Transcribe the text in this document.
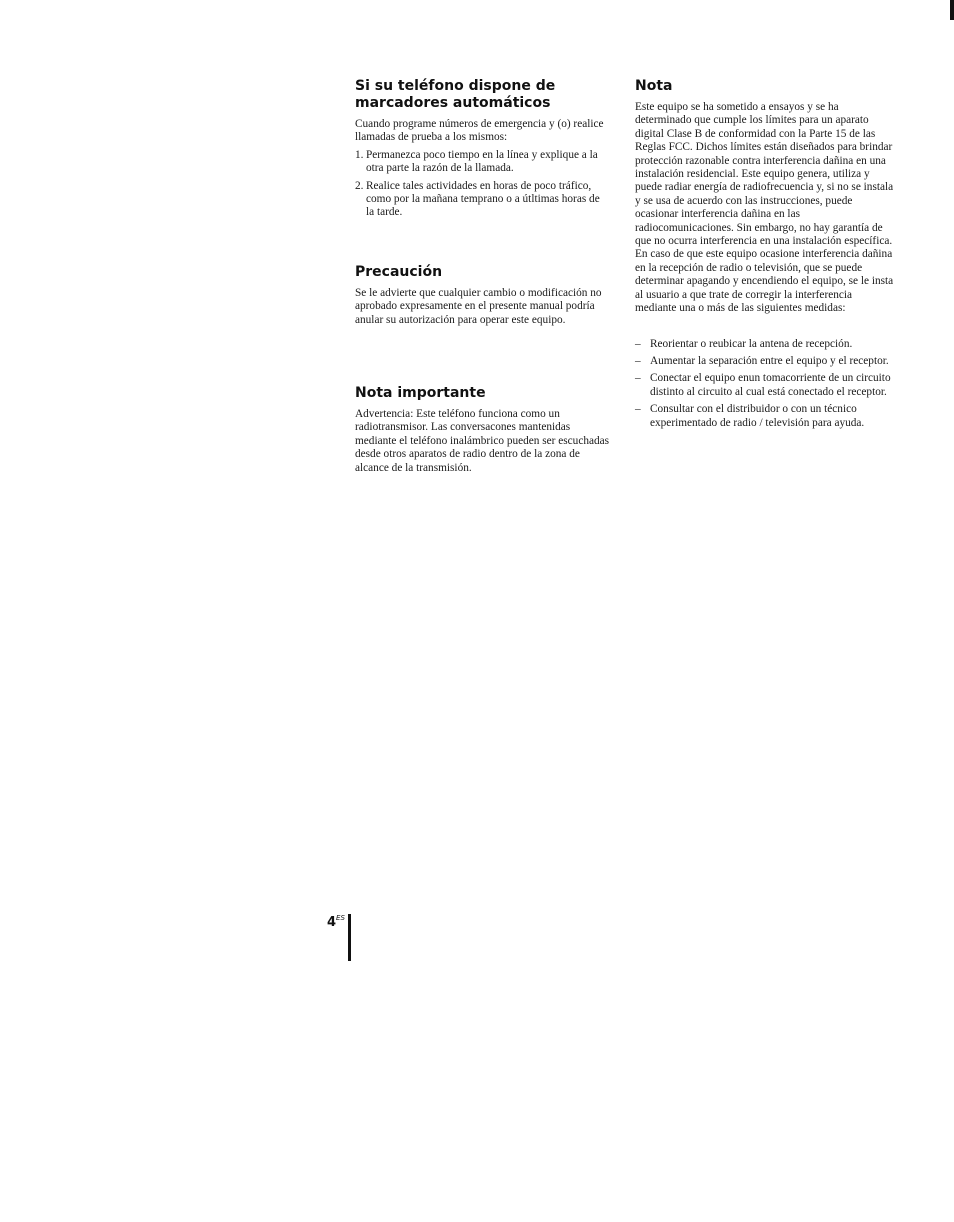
Si su teléfono dispone de marcadores automáticos

Cuando programe números de emergencia y (o) realice llamadas de prueba a los mismos:

1. Permanezca poco tiempo en la línea y explique a la otra parte la razón de la llamada.
2. Realice tales actividades en horas de poco tráfico, como por la mañana temprano o a útltimas horas de la tarde.
Precaución

Se le advierte que cualquier cambio o modificación no aprobado expresamente en el presente manual podría anular su autorización para operar este equipo.

Nota importante

Advertencia: Este teléfono funciona como un radiotransmisor. Las conversacones mantenidas mediante el teléfono inalámbrico pueden ser escuchadas desde otros aparatos de radio dentro de la zona de alcance de la transmisión.

Nota

Este equipo se ha sometido a ensayos y se ha determinado que cumple los límites para un aparato digital Clase B de conformidad con la Parte 15 de las Reglas FCC. Dichos límites están diseñados para brindar protección razonable contra interferencia dañina en una instalación residencial. Este equipo genera, utiliza y puede radiar energía de radiofrecuencia y, si no se instala y se usa de acuerdo con las instrucciones, puede ocasionar interferencia dañina en las radiocomunicaciones. Sin embargo, no hay garantía de que no ocurra interferencia en una instalación específica. En caso de que este equipo ocasione interferencia dañina en la recepción de radio o televisión, que se puede determinar apagando y encendiendo el equipo, se le insta al usuario a que trate de corregir la interferencia mediante una o más de las siguientes medidas:

– Reorientar o reubicar la antena de recepción.
– Aumentar la separación entre el equipo y el receptor.
– Conectar el equipo enun tomacorriente de un circuito distinto al circuito al cual está conectado el receptor.
– Consultar con el distribuidor o con un técnico experimentado de radio / televisión para ayuda.
$4^{ES}$
